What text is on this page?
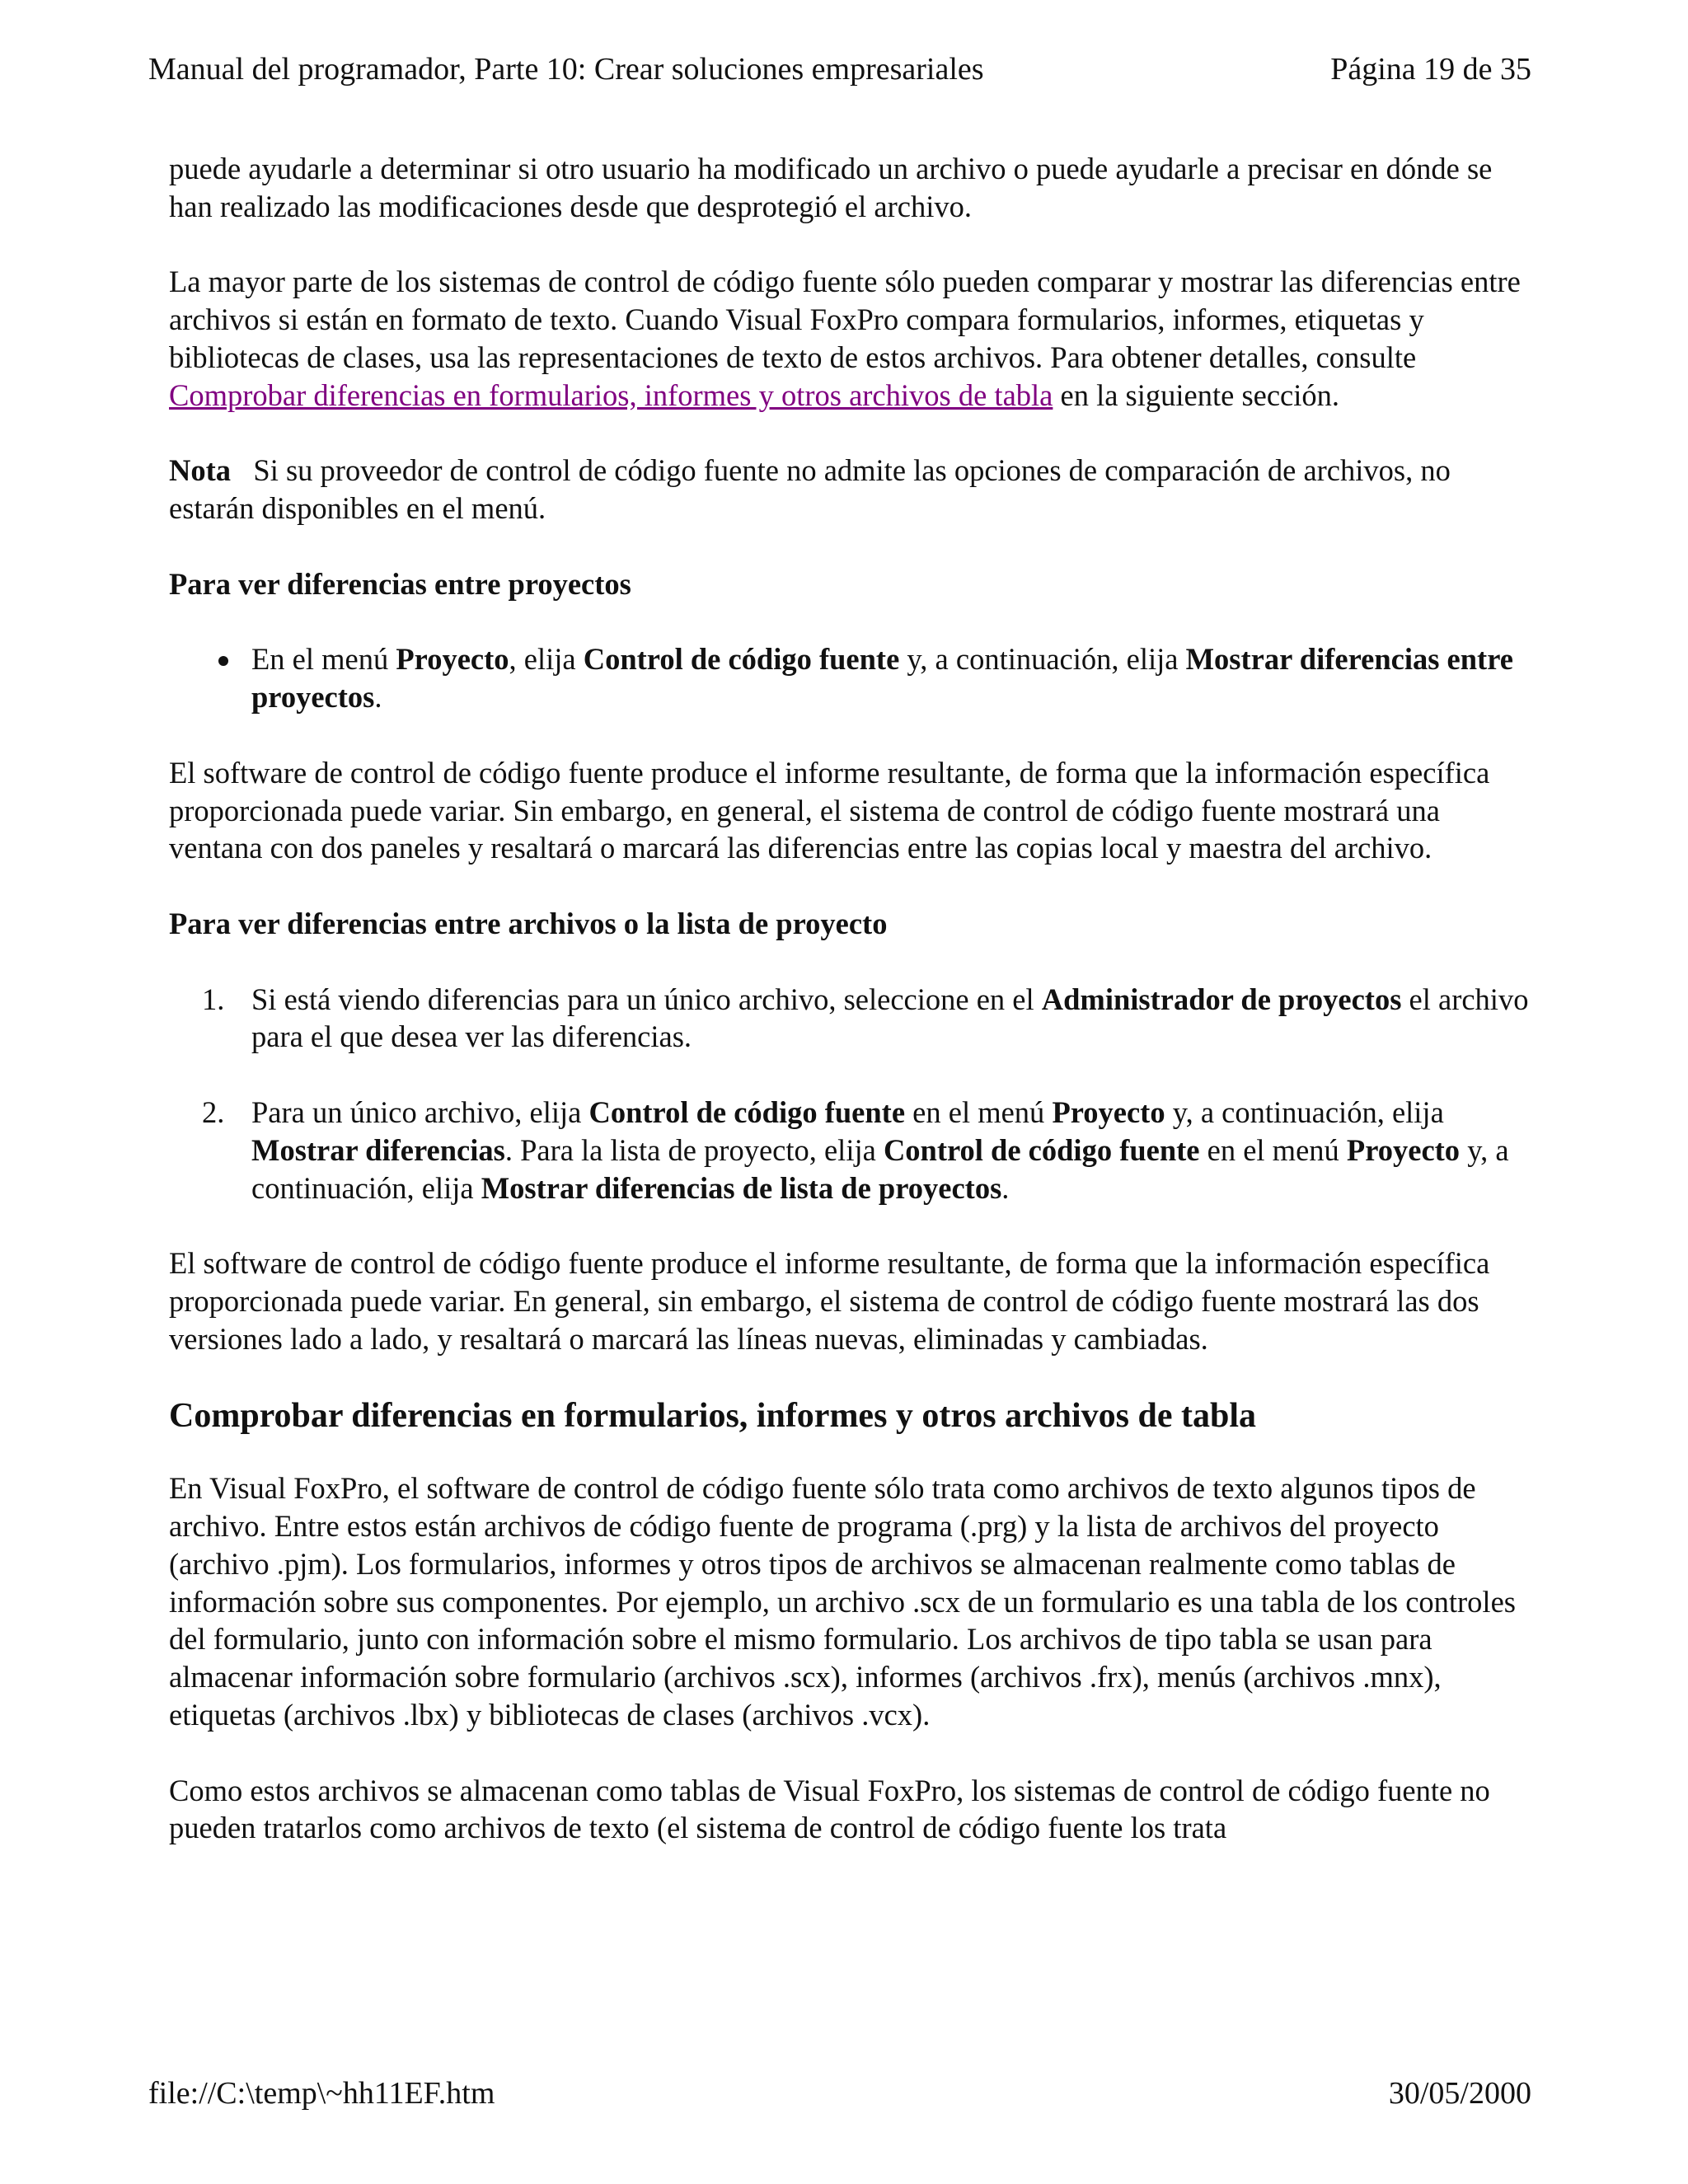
Manual del programador, Parte 10: Crear soluciones empresariales	Página 19 de 35

puede ayudarle a determinar si otro usuario ha modificado un archivo o puede ayudarle a precisar en dónde se han realizado las modificaciones desde que desprotegió el archivo.

La mayor parte de los sistemas de control de código fuente sólo pueden comparar y mostrar las diferencias entre archivos si están en formato de texto. Cuando Visual FoxPro compara formularios, informes, etiquetas y bibliotecas de clases, usa las representaciones de texto de estos archivos. Para obtener detalles, consulte Comprobar diferencias en formularios, informes y otros archivos de tabla en la siguiente sección.

Nota Si su proveedor de control de código fuente no admite las opciones de comparación de archivos, no estarán disponibles en el menú.

Para ver diferencias entre proyectos
En el menú Proyecto, elija Control de código fuente y, a continuación, elija Mostrar diferencias entre proyectos.

El software de control de código fuente produce el informe resultante, de forma que la información específica proporcionada puede variar. Sin embargo, en general, el sistema de control de código fuente mostrará una ventana con dos paneles y resaltará o marcará las diferencias entre las copias local y maestra del archivo.

Para ver diferencias entre archivos o la lista de proyecto
1. Si está viendo diferencias para un único archivo, seleccione en el Administrador de proyectos el archivo para el que desea ver las diferencias.
2. Para un único archivo, elija Control de código fuente en el menú Proyecto y, a continuación, elija Mostrar diferencias. Para la lista de proyecto, elija Control de código fuente en el menú Proyecto y, a continuación, elija Mostrar diferencias de lista de proyectos.

El software de control de código fuente produce el informe resultante, de forma que la información específica proporcionada puede variar. En general, sin embargo, el sistema de control de código fuente mostrará las dos versiones lado a lado, y resaltará o marcará las líneas nuevas, eliminadas y cambiadas.

Comprobar diferencias en formularios, informes y otros archivos de tabla

En Visual FoxPro, el software de control de código fuente sólo trata como archivos de texto algunos tipos de archivo. Entre estos están archivos de código fuente de programa (.prg) y la lista de archivos del proyecto (archivo .pjm). Los formularios, informes y otros tipos de archivos se almacenan realmente como tablas de información sobre sus componentes. Por ejemplo, un archivo .scx de un formulario es una tabla de los controles del formulario, junto con información sobre el mismo formulario. Los archivos de tipo tabla se usan para almacenar información sobre formulario (archivos .scx), informes (archivos .frx), menús (archivos .mnx), etiquetas (archivos .lbx) y bibliotecas de clases (archivos .vcx).

Como estos archivos se almacenan como tablas de Visual FoxPro, los sistemas de control de código fuente no pueden tratarlos como archivos de texto (el sistema de control de código fuente los trata

file://C:\temp\~hh11EF.htm	30/05/2000
